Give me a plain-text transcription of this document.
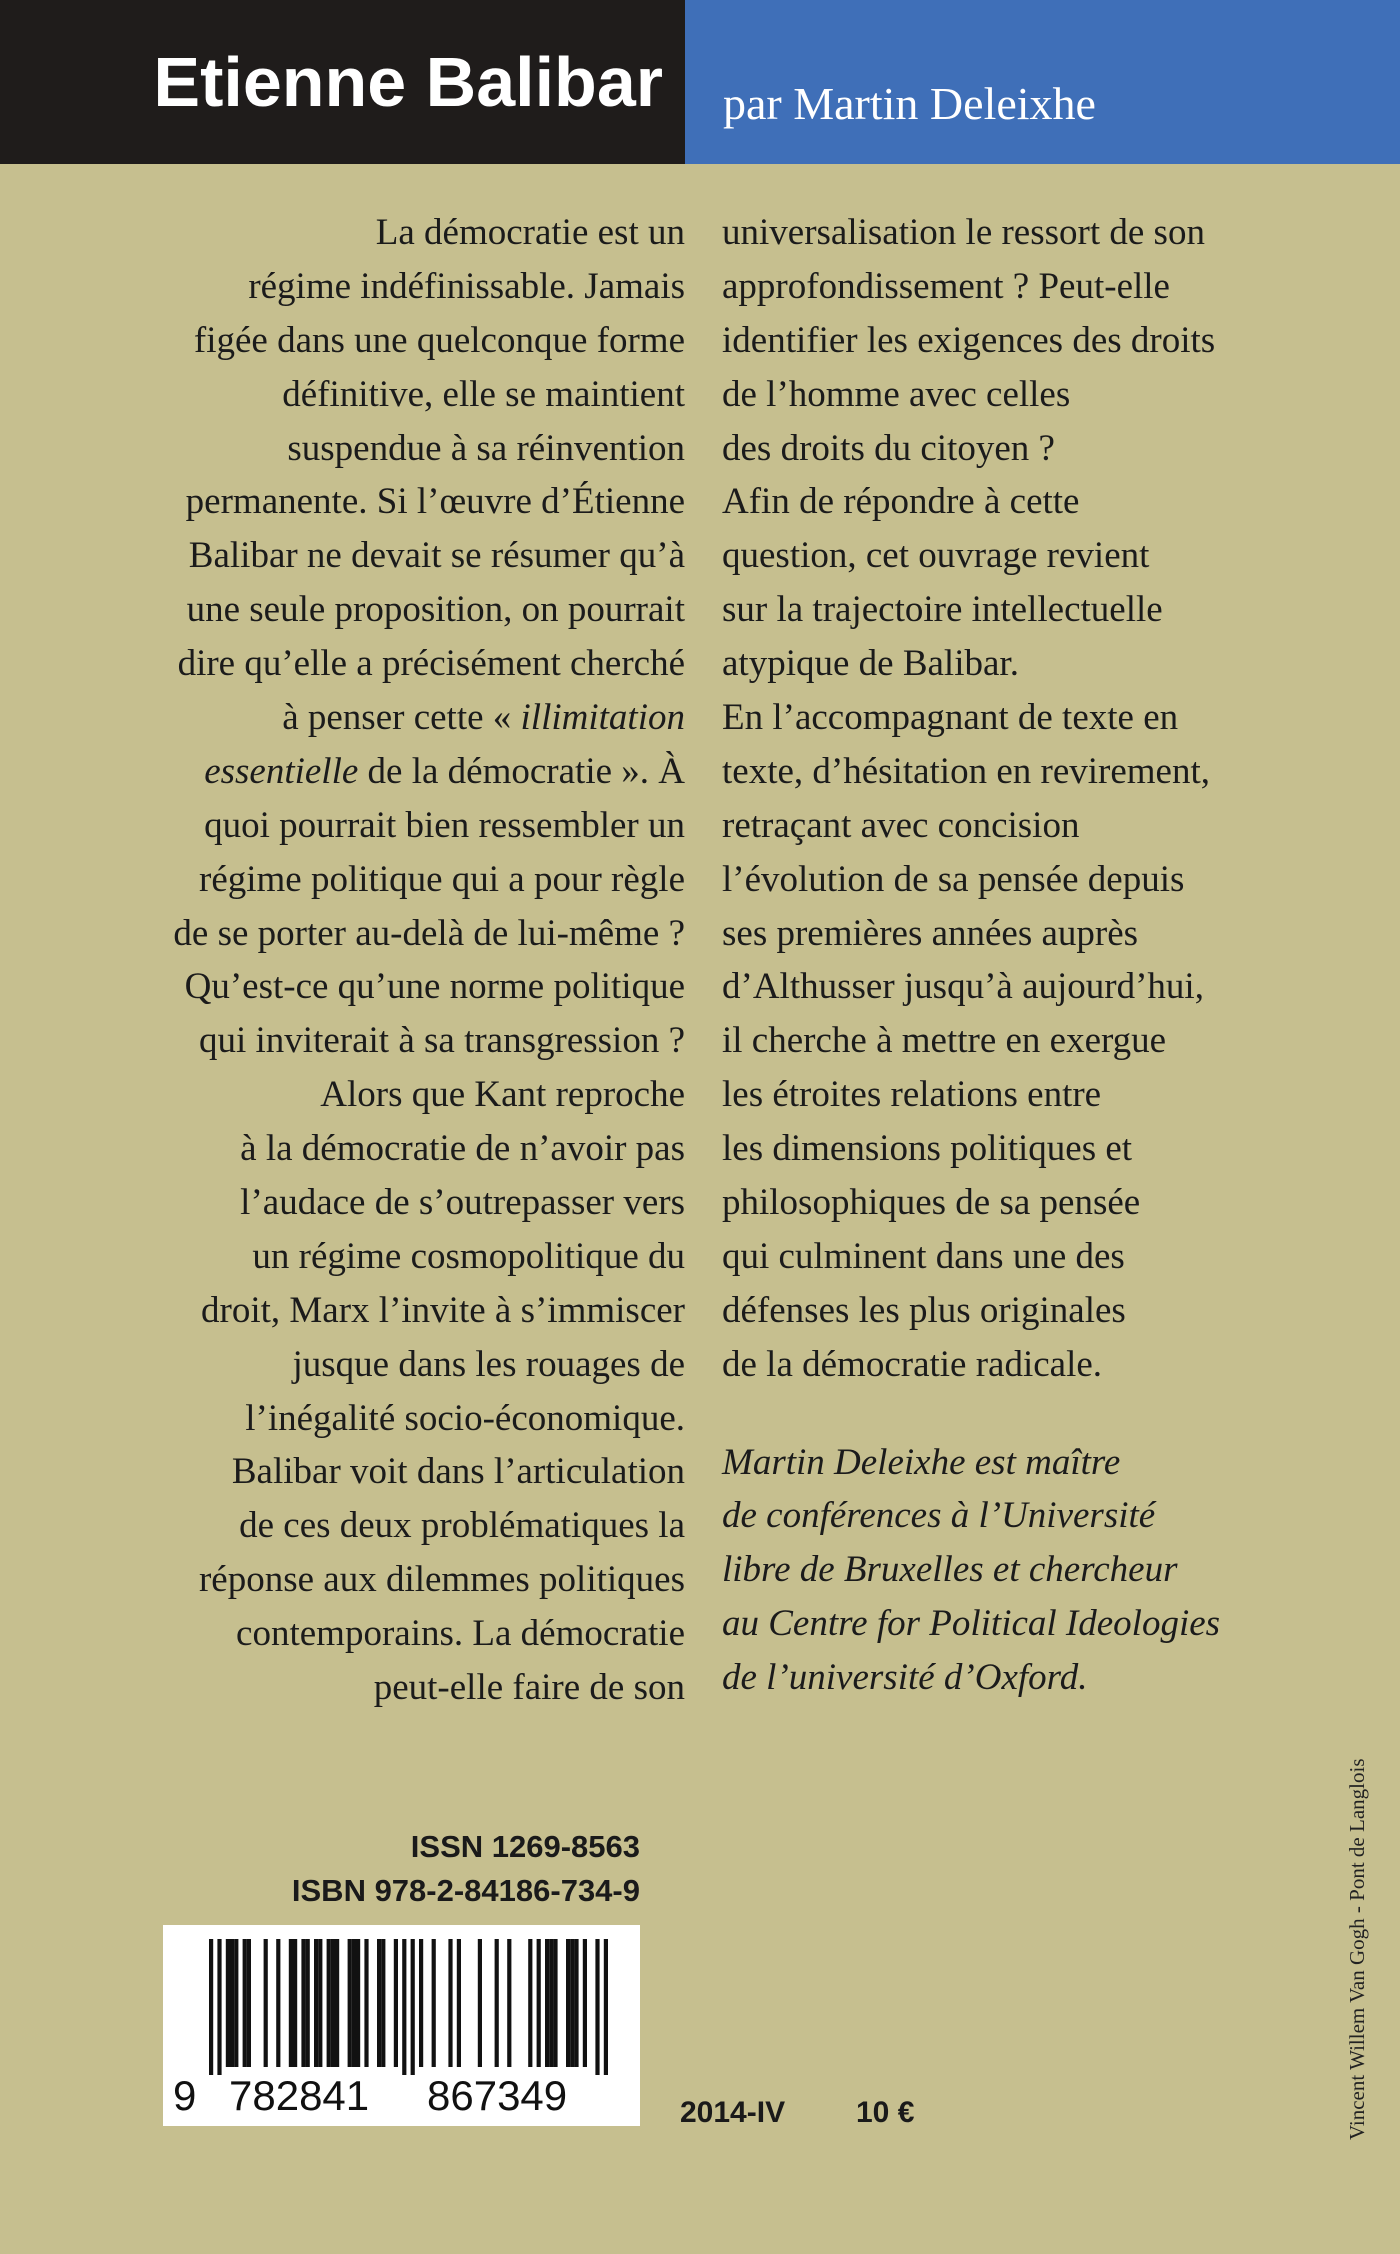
Etienne Balibar	par Martin Deleixhe
La démocratie est un
régime indéfinissable. Jamais
figée dans une quelconque forme
définitive, elle se maintient
suspendue à sa réinvention
permanente. Si l’œuvre d’Étienne
Balibar ne devait se résumer qu’à
une seule proposition, on pourrait
dire qu’elle a précisément cherché
à penser cette « illimitation
essentielle de la démocratie ». À
quoi pourrait bien ressembler un
régime politique qui a pour règle
de se porter au-delà de lui-même ?
Qu’est-ce qu’une norme politique
qui inviterait à sa transgression ?
Alors que Kant reproche
à la démocratie de n’avoir pas
l’audace de s’outrepasser vers
un régime cosmopolitique du
droit, Marx l’invite à s’immiscer
jusque dans les rouages de
l’inégalité socio-économique.
Balibar voit dans l’articulation
de ces deux problématiques la
réponse aux dilemmes politiques
contemporains. La démocratie
peut-elle faire de son
universalisation le ressort de son
approfondissement ? Peut-elle
identifier les exigences des droits
de l’homme avec celles
des droits du citoyen ?
Afin de répondre à cette
question, cet ouvrage revient
sur la trajectoire intellectuelle
atypique de Balibar.
En l’accompagnant de texte en
texte, d’hésitation en revirement,
retraçant avec concision
l’évolution de sa pensée depuis
ses premières années auprès
d’Althusser jusqu’à aujourd’hui,
il cherche à mettre en exergue
les étroites relations entre
les dimensions politiques et
philosophiques de sa pensée
qui culminent dans une des
défenses les plus originales
de la démocratie radicale.
Martin Deleixhe est maître
de conférences à l’Université
libre de Bruxelles et chercheur
au Centre for Political Ideologies
de l’université d’Oxford.
ISSN 1269-8563
ISBN 978-2-84186-734-9
9 782841 867349	2014-IV 10 €	Vincent Willem Van Gogh - Pont de Langlois
